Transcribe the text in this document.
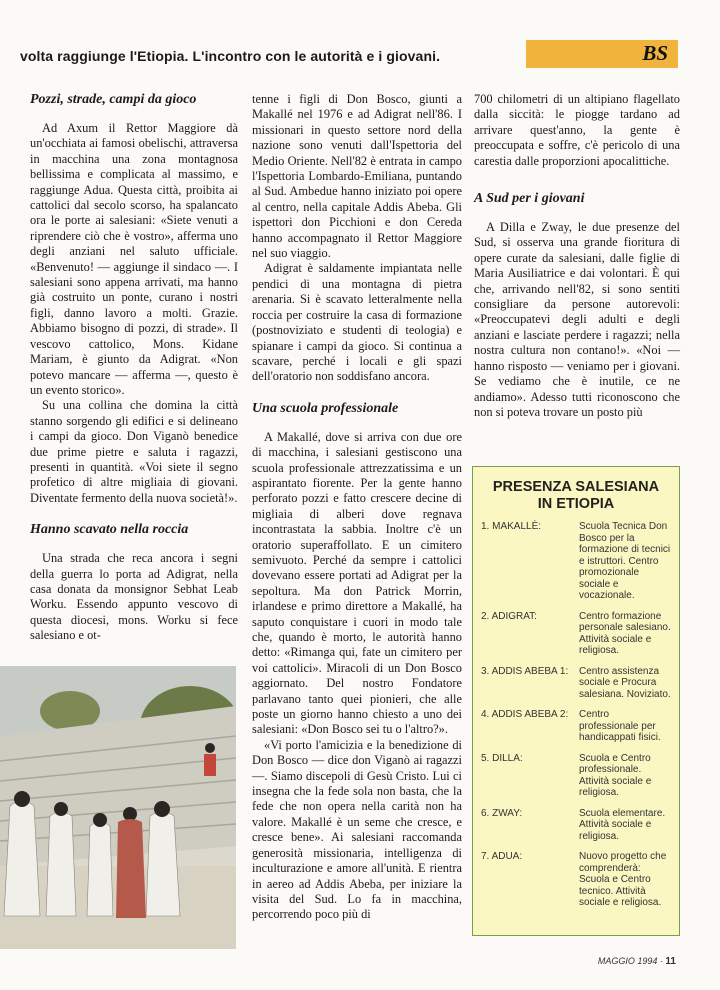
volta raggiunge l'Etiopia. L'incontro con le autorità e i giovani.	BS
Pozzi, strade, campi da gioco

Ad Axum il Rettor Maggiore dà un'occhiata ai famosi obelischi, attraversa in macchina una zona montagnosa bellissima e complicata al massimo, e raggiunge Adua. Questa città, proibita ai cattolici dal secolo scorso, ha spalancato ora le porte ai salesiani: «Siete venuti a riprendere ciò che è vostro», afferma uno degli anziani nel saluto ufficiale. «Benvenuto! — aggiunge il sindaco —. I salesiani sono appena arrivati, ma hanno già costruito un ponte, curano i nostri figli, danno lavoro a molti. Grazie. Abbiamo bisogno di pozzi, di strade». Il vescovo cattolico, Mons. Kidane Mariam, è giunto da Adigrat. «Non potevo mancare — afferma —, questo è un evento storico».

Su una collina che domina la città stanno sorgendo gli edifici e si delineano i campi da gioco. Don Viganò benedice due prime pietre e saluta i ragazzi, presenti in quantità. «Voi siete il segno profetico di altre migliaia di giovani. Diventate fermento della nuova società!».

Hanno scavato nella roccia

Una strada che reca ancora i segni della guerra lo porta ad Adigrat, nella casa donata da monsignor Sebhat Leab Worku. Essendo appunto vescovo di questa diocesi, mons. Worku si fece salesiano e ot-

tenne i figli di Don Bosco, giunti a Makallé nel 1976 e ad Adigrat nell'86. I missionari in questo settore nord della nazione sono venuti dall'Ispettoria del Medio Oriente. Nell'82 è entrata in campo l'Ispettoria Lombardo-Emiliana, puntando al Sud. Ambedue hanno iniziato poi opere al centro, nella capitale Addis Abeba. Gli ispettori don Picchioni e don Cereda hanno accompagnato il Rettor Maggiore nel suo viaggio.

Adigrat è saldamente impiantata nelle pendici di una montagna di pietra arenaria. Si è scavato letteralmente nella roccia per costruire la casa di formazione (postnoviziato e studenti di teologia) e spianare i campi da gioco. Si continua a scavare, perché i locali e gli spazi dell'oratorio non soddisfano ancora.

Una scuola professionale

A Makallé, dove si arriva con due ore di macchina, i salesiani gestiscono una scuola professionale attrezzatissima e un aspirantato fiorente. Per la gente hanno perforato pozzi e fatto crescere decine di migliaia di alberi dove regnava incontrastata la sabbia. Inoltre c'è un oratorio superaffollato. E un cimitero semivuoto. Perché da sempre i cattolici dovevano essere portati ad Adigrat per la sepoltura. Ma don Patrick Morrin, irlandese e primo direttore a Makallé, ha saputo conquistare i cuori in modo tale che, quando è morto, le autorità hanno detto: «Rimanga qui, fate un cimitero per voi cattolici». Miracoli di un Don Bosco aggiornato. Del nostro Fondatore parlavano tanto quei pionieri, che alle poste un giorno hanno chiesto a uno dei salesiani: «Don Bosco sei tu o l'altro?».

«Vi porto l'amicizia e la benedizione di Don Bosco — dice don Viganò ai ragazzi —. Siamo discepoli di Gesù Cristo. Lui ci insegna che la fede sola non basta, che la fede che non opera nella carità non ha valore. Makallé è un seme che cresce, e cresce bene». Ai salesiani raccomanda generosità missionaria, intelligenza di inculturazione e amore all'unità. E rientra in aereo ad Addis Abeba, per iniziare la visita del Sud. Lo fa in macchina, percorrendo poco più di

700 chilometri di un altipiano flagellato dalla siccità: le piogge tardano ad arrivare quest'anno, la gente è preoccupata e soffre, c'è pericolo di una carestia dalle proporzioni apocalittiche.

A Sud per i giovani

A Dilla e Zway, le due presenze del Sud, si osserva una grande fioritura di opere curate da salesiani, dalle figlie di Maria Ausiliatrice e dai volontari. È qui che, arrivando nell'82, si sono sentiti consigliare da persone autorevoli: «Preoccupatevi degli adulti e degli anziani e lasciate perdere i ragazzi; nella nostra cultura non contano!». «Noi — hanno risposto — veniamo per i giovani. Se vediamo che è inutile, ce ne andiamo». Adesso tutti riconoscono che non si poteva trovare un posto più

PRESENZA SALESIANA
IN ETIOPIA
1. MAKALLÈ:	Scuola Tecnica Don Bosco per la formazione di tecnici e istruttori. Centro promozionale sociale e vocazionale.
2. ADIGRAT:	Centro formazione personale salesiano. Attività sociale e religiosa.
3. ADDIS ABEBA 1:	Centro assistenza sociale e Procura salesiana. Noviziato.
4. ADDIS ABEBA 2:	Centro professionale per handicappati fisici.
5. DILLA:	Scuola e Centro professionale. Attività sociale e religiosa.
6. ZWAY:	Scuola elementare. Attività sociale e religiosa.
7. ADUA:	Nuovo progetto che comprenderà: Scuola e Centro tecnico. Attività sociale e religiosa.
MAGGIO 1994 · 11
